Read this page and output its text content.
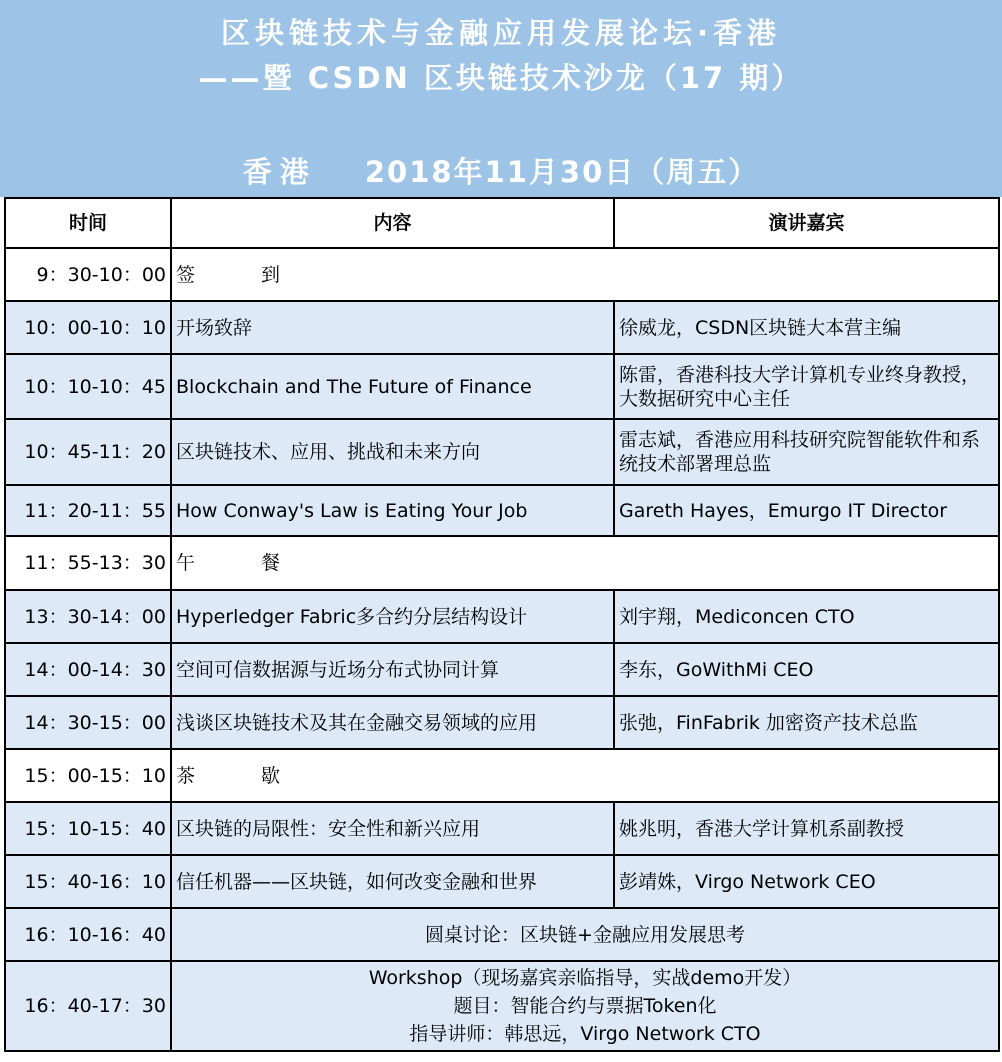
区块链技术与金融应用发展论坛·香港
——暨 CSDN 区块链技术沙龙（17 期）
香港 2018年11月30日（周五）
时间	内容	演讲嘉宾
9：30-10：00	签 到	
10：00-10：10	开场致辞	徐威龙，CSDN区块链大本营主编
10：10-10：45	Blockchain and The Future of Finance	陈雷，香港科技大学计算机专业终身教授，大数据研究中心主任
10：45-11：20	区块链技术、应用、挑战和未来方向	雷志斌，香港应用科技研究院智能软件和系统技术部署理总监
11：20-11：55	How Conway's Law is Eating Your Job	Gareth Hayes，Emurgo IT Director
11：55-13：30	午 餐	
13：30-14：00	Hyperledger Fabric多合约分层结构设计	刘宇翔，Mediconcen CTO
14：00-14：30	空间可信数据源与近场分布式协同计算	李东，GoWithMi CEO
14：30-15：00	浅谈区块链技术及其在金融交易领域的应用	张弛，FinFabrik 加密资产技术总监
15：00-15：10	茶 歇	
15：10-15：40	区块链的局限性：安全性和新兴应用	姚兆明，香港大学计算机系副教授
15：40-16：10	信任机器——区块链，如何改变金融和世界	彭靖姝，Virgo Network CEO
16：10-16：40	圆桌讨论：区块链+金融应用发展思考	
16：40-17：30	Workshop（现场嘉宾亲临指导，实战demo开发）
题目：智能合约与票据Token化
指导讲师：韩思远，Virgo Network CTO	
